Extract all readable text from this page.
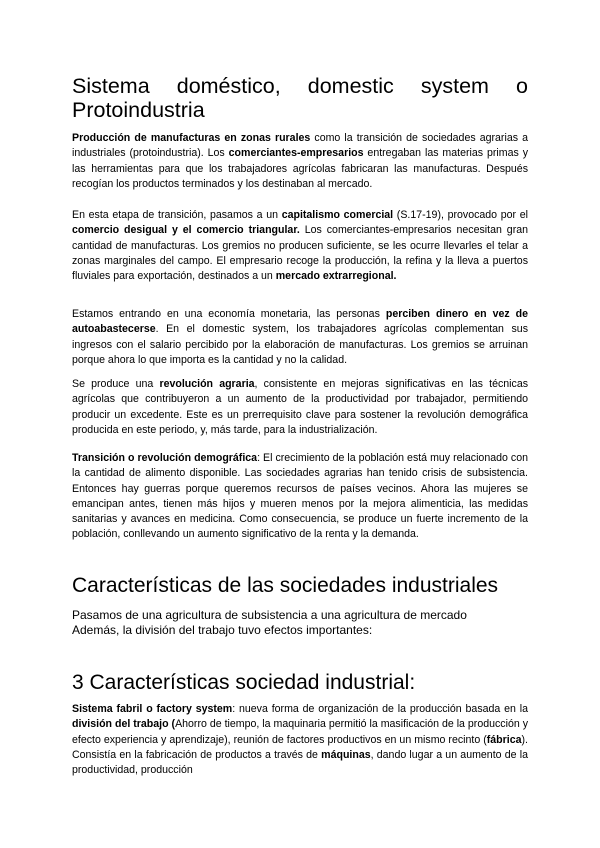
Sistema doméstico, domestic system o Protoindustria

Producción de manufacturas en zonas rurales como la transición de sociedades agrarias a industriales (protoindustria). Los comerciantes-empresarios entregaban las materias primas y las herramientas para que los trabajadores agrícolas fabricaran las manufacturas. Después recogían los productos terminados y los destinaban al mercado.

En esta etapa de transición, pasamos a un capitalismo comercial (S.17-19), provocado por el comercio desigual y el comercio triangular. Los comerciantes-empresarios necesitan gran cantidad de manufacturas. Los gremios no producen suficiente, se les ocurre llevarles el telar a zonas marginales del campo. El empresario recoge la producción, la refina y la lleva a puertos fluviales para exportación, destinados a un mercado extrarregional.

Estamos entrando en una economía monetaria, las personas perciben dinero en vez de autoabastecerse. En el domestic system, los trabajadores agrícolas complementan sus ingresos con el salario percibido por la elaboración de manufacturas. Los gremios se arruinan porque ahora lo que importa es la cantidad y no la calidad.

Se produce una revolución agraria, consistente en mejoras significativas en las técnicas agrícolas que contribuyeron a un aumento de la productividad por trabajador, permitiendo producir un excedente. Este es un prerrequisito clave para sostener la revolución demográfica producida en este periodo, y, más tarde, para la industrialización.

Transición o revolución demográfica: El crecimiento de la población está muy relacionado con la cantidad de alimento disponible. Las sociedades agrarias han tenido crisis de subsistencia. Entonces hay guerras porque queremos recursos de países vecinos. Ahora las mujeres se emancipan antes, tienen más hijos y mueren menos por la mejora alimenticia, las medidas sanitarias y avances en medicina. Como consecuencia, se produce un fuerte incremento de la población, conllevando un aumento significativo de la renta y la demanda.

Características de las sociedades industriales

Pasamos de una agricultura de subsistencia a una agricultura de mercado
Además, la división del trabajo tuvo efectos importantes:

3 Características sociedad industrial:

Sistema fabril o factory system: nueva forma de organización de la producción basada en la división del trabajo (Ahorro de tiempo, la maquinaria permitió la masificación de la producción y efecto experiencia y aprendizaje), reunión de factores productivos en un mismo recinto (fábrica). Consistía en la fabricación de productos a través de máquinas, dando lugar a un aumento de la productividad, producción
